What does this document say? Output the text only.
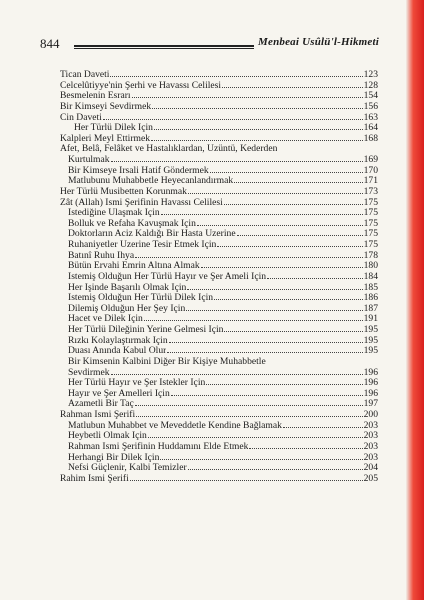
844	Menbeai Usûlü'l-Hikmeti
Tican Daveti	123
Celcelûtiyye'nin Şerhi ve Havassı Celilesi	128
Besmelenin Esrarı	154
Bir Kimseyi Sevdirmek	156
Cin Daveti	163
Her Türlü Dilek İçin	164
Kalpleri Meyl Ettirmek	168
Afet, Belâ, Felâket ve Hastalıklardan, Üzüntü, Kederden
Kurtulmak	169
Bir Kimseye İrsali Hatif Göndermek	170
Matlubunu Muhabbetle Heyecanlandırmak	171
Her Türlü Musibetten Korunmak	173
Zât (Allah) İsmi Şerifinin Havassı Celilesi	175
İstediğine Ulaşmak İçin	175
Bolluk ve Refaha Kavuşmak İçin	175
Doktorların Aciz Kaldığı Bir Hasta Üzerine	175
Ruhaniyetler Üzerine Tesir Etmek İçin	175
Batınî Ruhu İhya	178
Bütün Ervahi Emrin Altına Almak	180
İstemiş Olduğun Her Türlü Hayır ve Şer Ameli İçin	184
Her İşinde Başarılı Olmak İçin	185
İstemiş Olduğun Her Türlü Dilek İçin	186
Dilemiş Olduğun Her Şey İçin	187
Hacet ve Dilek İçin	191
Her Türlü Dileğinin Yerine Gelmesi İçin	195
Rızkı Kolaylaştırmak İçin	195
Duası Anında Kabul Olur	195
Bir Kimsenin Kalbini Diğer Bir Kişiye Muhabbetle
Sevdirmek	196
Her Türlü Hayır ve Şer İstekler İçin	196
Hayır ve Şer Amelleri İçin	196
Azametli Bir Taç	197
Rahman İsmi Şerifi	200
Matlubun Muhabbet ve Meveddetle Kendine Bağlamak	203
Heybetli Olmak İçin	203
Rahman İsmi Şerifinin Huddamını Elde Etmek	203
Herhangi Bir Dilek İçin	203
Nefsi Güçlenir, Kalbi Temizler	204
Rahim İsmi Şerifi	205
